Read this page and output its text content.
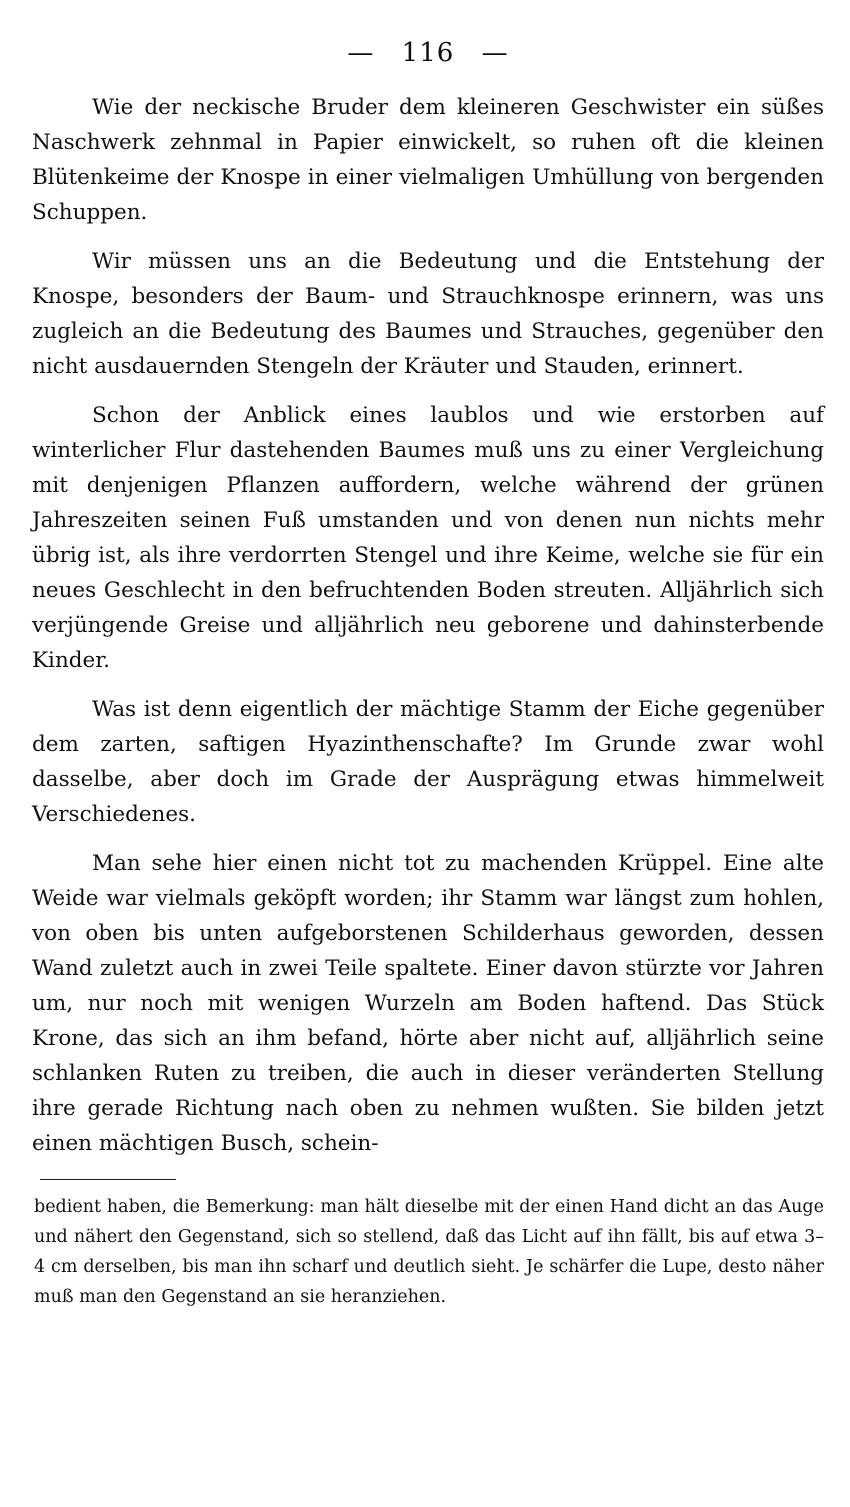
— 116 —

Wie der neckische Bruder dem kleineren Geschwister ein süßes Naschwerk zehnmal in Papier einwickelt, so ruhen oft die kleinen Blütenkeime der Knospe in einer vielmaligen Umhüllung von bergenden Schuppen.

Wir müssen uns an die Bedeutung und die Entstehung der Knospe, besonders der Baum- und Strauchknospe erinnern, was uns zugleich an die Bedeutung des Baumes und Strauches, gegenüber den nicht ausdauernden Stengeln der Kräuter und Stauden, erinnert.

Schon der Anblick eines laublos und wie erstorben auf winterlicher Flur dastehenden Baumes muß uns zu einer Vergleichung mit denjenigen Pflanzen auffordern, welche während der grünen Jahreszeiten seinen Fuß umstanden und von denen nun nichts mehr übrig ist, als ihre verdorrten Stengel und ihre Keime, welche sie für ein neues Geschlecht in den befruchtenden Boden streuten. Alljährlich sich verjüngende Greise und alljährlich neu geborene und dahinsterbende Kinder.

Was ist denn eigentlich der mächtige Stamm der Eiche gegenüber dem zarten, saftigen Hyazinthenschafte? Im Grunde zwar wohl dasselbe, aber doch im Grade der Ausprägung etwas himmelweit Verschiedenes.

Man sehe hier einen nicht tot zu machenden Krüppel. Eine alte Weide war vielmals geköpft worden; ihr Stamm war längst zum hohlen, von oben bis unten aufgeborstenen Schilderhaus geworden, dessen Wand zuletzt auch in zwei Teile spaltete. Einer davon stürzte vor Jahren um, nur noch mit wenigen Wurzeln am Boden haftend. Das Stück Krone, das sich an ihm befand, hörte aber nicht auf, alljährlich seine schlanken Ruten zu treiben, die auch in dieser veränderten Stellung ihre gerade Richtung nach oben zu nehmen wußten. Sie bilden jetzt einen mächtigen Busch, schein-

bedient haben, die Bemerkung: man hält dieselbe mit der einen Hand dicht an das Auge und nähert den Gegenstand, sich so stellend, daß das Licht auf ihn fällt, bis auf etwa 3–4 cm derselben, bis man ihn scharf und deutlich sieht. Je schärfer die Lupe, desto näher muß man den Gegenstand an sie heranziehen.
